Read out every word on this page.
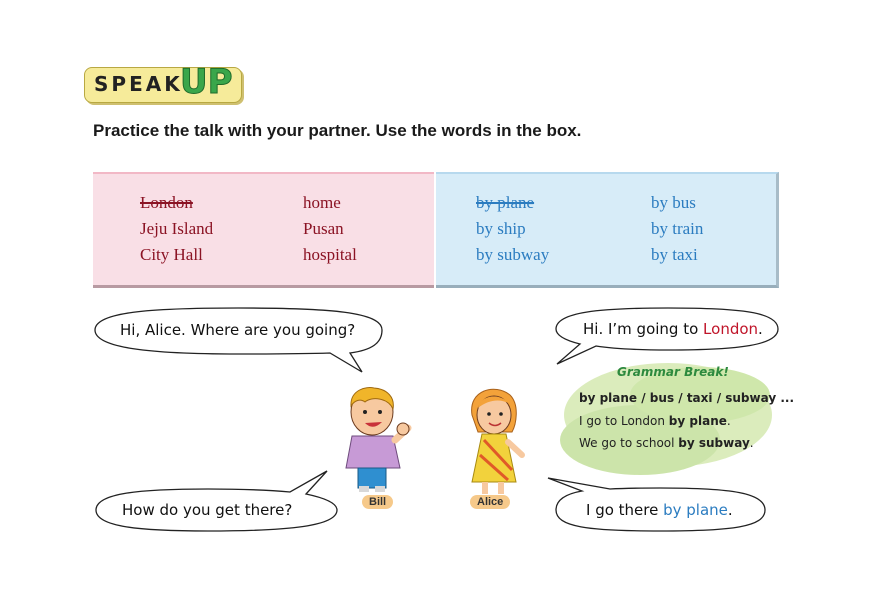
SPEAK
UP
Practice the talk with your partner. Use the words in the box.
London
Jeju Island
City Hall
home
Pusan
hospital
by plane
by ship
by subway
by bus
by train
by taxi
Hi, Alice. Where are you going?	Hi. I’m going to London.
How do you get there?	I go there by plane.
Grammar Break!
by plane / bus / taxi / subway ...
I go to London by plane.
We go to school by subway.
Bill	Alice
